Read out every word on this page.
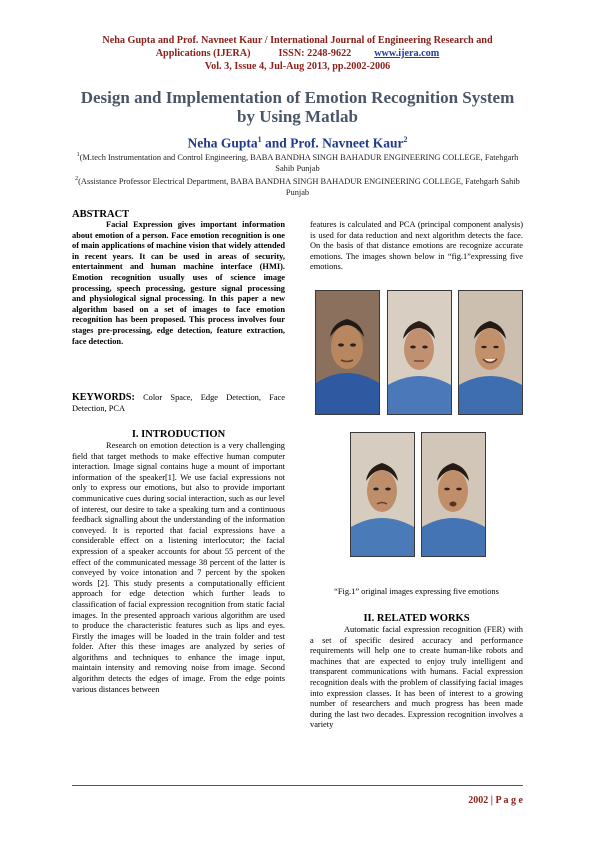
Neha Gupta and Prof. Navneet Kaur / International Journal of Engineering Research and
Applications (IJERA)	ISSN: 2248-9622 www.ijera.com
Vol. 3, Issue 4, Jul-Aug 2013, pp.2002-2006
Design and Implementation of Emotion Recognition System by Using Matlab
Neha Gupta$^1$ and Prof. Navneet Kaur$^2$
$^1$(M.tech Instrumentation and Control Engineering, BABA BANDHA SINGH BAHADUR ENGINEERING COLLEGE, Fatehgarh Sahib Punjab
$^2$(Assistance Professor Electrical Department, BABA BANDHA SINGH BAHADUR ENGINEERING COLLEGE, Fatehgarh Sahib Punjab
ABSTRACT
Facial Expression gives important information about emotion of a person. Face emotion recognition is one of main applications of machine vision that widely attended in recent years. It can be used in areas of security, entertainment and human machine interface (HMI). Emotion recognition usually uses of science image processing, speech processing, gesture signal processing and physiological signal processing. In this paper a new algorithm based on a set of images to face emotion recognition has been proposed. This process involves four stages pre-processing, edge detection, feature extraction, face detection.
KEYWORDS: Color Space, Edge Detection, Face Detection, PCA
I. INTRODUCTION
Research on emotion detection is a very challenging field that target methods to make effective human computer interaction. Image signal contains huge a mount of important information of the speaker[1]. We use facial expressions not only to express our emotions, but also to provide important communicative cues during social interaction, such as our level of interest, our desire to take a speaking turn and a continuous feedback signalling about the understanding of the information conveyed. It is reported that facial expressions have a considerable effect on a listening interlocutor; the facial expression of a speaker accounts for about 55 percent of the effect of the communicated message 38 percent of the latter is conveyed by voice intonation and 7 percent by the spoken words [2]. This study presents a computationally efficient approach for edge detection which further leads to classification of facial expression recognition from static facial images. In the presented approach various algorithm are used to produce the characteristic features such as lips and eyes. Firstly the images will be loaded in the train folder and test folder. After this these images are analyzed by series of algorithms and techniques to enhance the image input, maintain intensity and removing noise from image. Second algorithm detects the edges of image. From the edge points various distances between
features is calculated and PCA (principal component analysis) is used for data reduction and next algorithm detects the face. On the basis of that distance emotions are recognize accurate emotions. The images shown below in “fig.1”expressing five emotions.
“Fig.1” original images expressing five emotions
II. RELATED WORKS
Automatic facial expression recognition (FER) with a set of specific desired accuracy and performance requirements will help one to create human-like robots and machines that are expected to enjoy truly intelligent and transparent communications with humans. Facial expression recognition deals with the problem of classifying facial images into expression classes. It has been of interest to a growing number of researchers and much progress has been made during the last two decades. Expression recognition involves a variety
2002 | P a g e
